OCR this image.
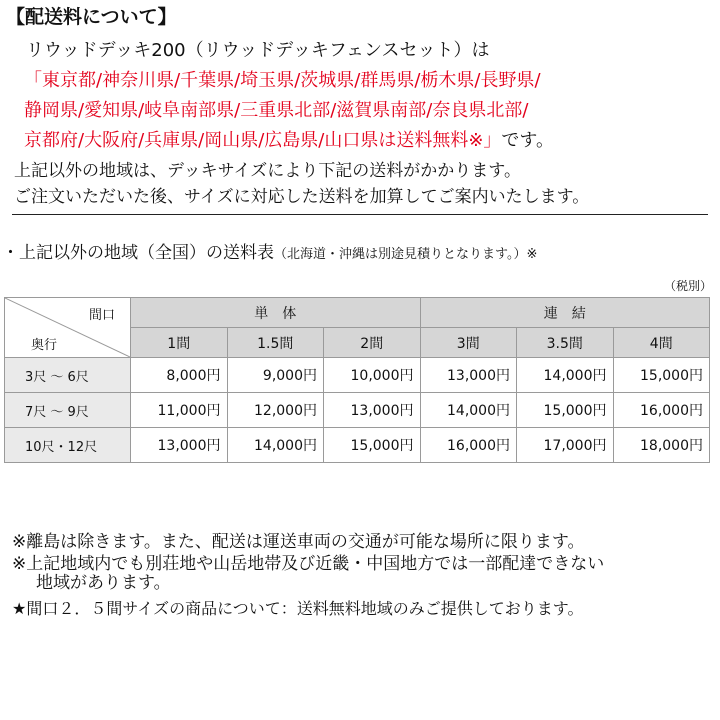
【配送料について】
リウッドデッキ200（リウッドデッキフェンスセット）は
「東京都/神奈川県/千葉県/埼玉県/茨城県/群馬県/栃木県/長野県/
静岡県/愛知県/岐阜南部県/三重県北部/滋賀県南部/奈良県北部/
京都府/大阪府/兵庫県/岡山県/広島県/山口県は送料無料※」です。
上記以外の地域は、デッキサイズにより下記の送料がかかります。
ご注文いただいた後、サイズに対応した送料を加算してご案内いたします。
・上記以外の地域（全国）の送料表（北海道・沖縄は別途見積りとなります。）※
（税別）
間口
奥行	単　体			連　結		
	1間	1.5間	2間	3間	3.5間	4間
3尺 ～ 6尺	8,000円	9,000円	10,000円	13,000円	14,000円	15,000円
7尺 ～ 9尺	11,000円	12,000円	13,000円	14,000円	15,000円	16,000円
10尺・12尺	13,000円	14,000円	15,000円	16,000円	17,000円	18,000円
※離島は除きます。また、配送は運送車両の交通が可能な場所に限ります。
※上記地域内でも別荘地や山岳地帯及び近畿・中国地方では一部配達できない
地域があります。
★間口２．５間サイズの商品について：送料無料地域のみご提供しております。
